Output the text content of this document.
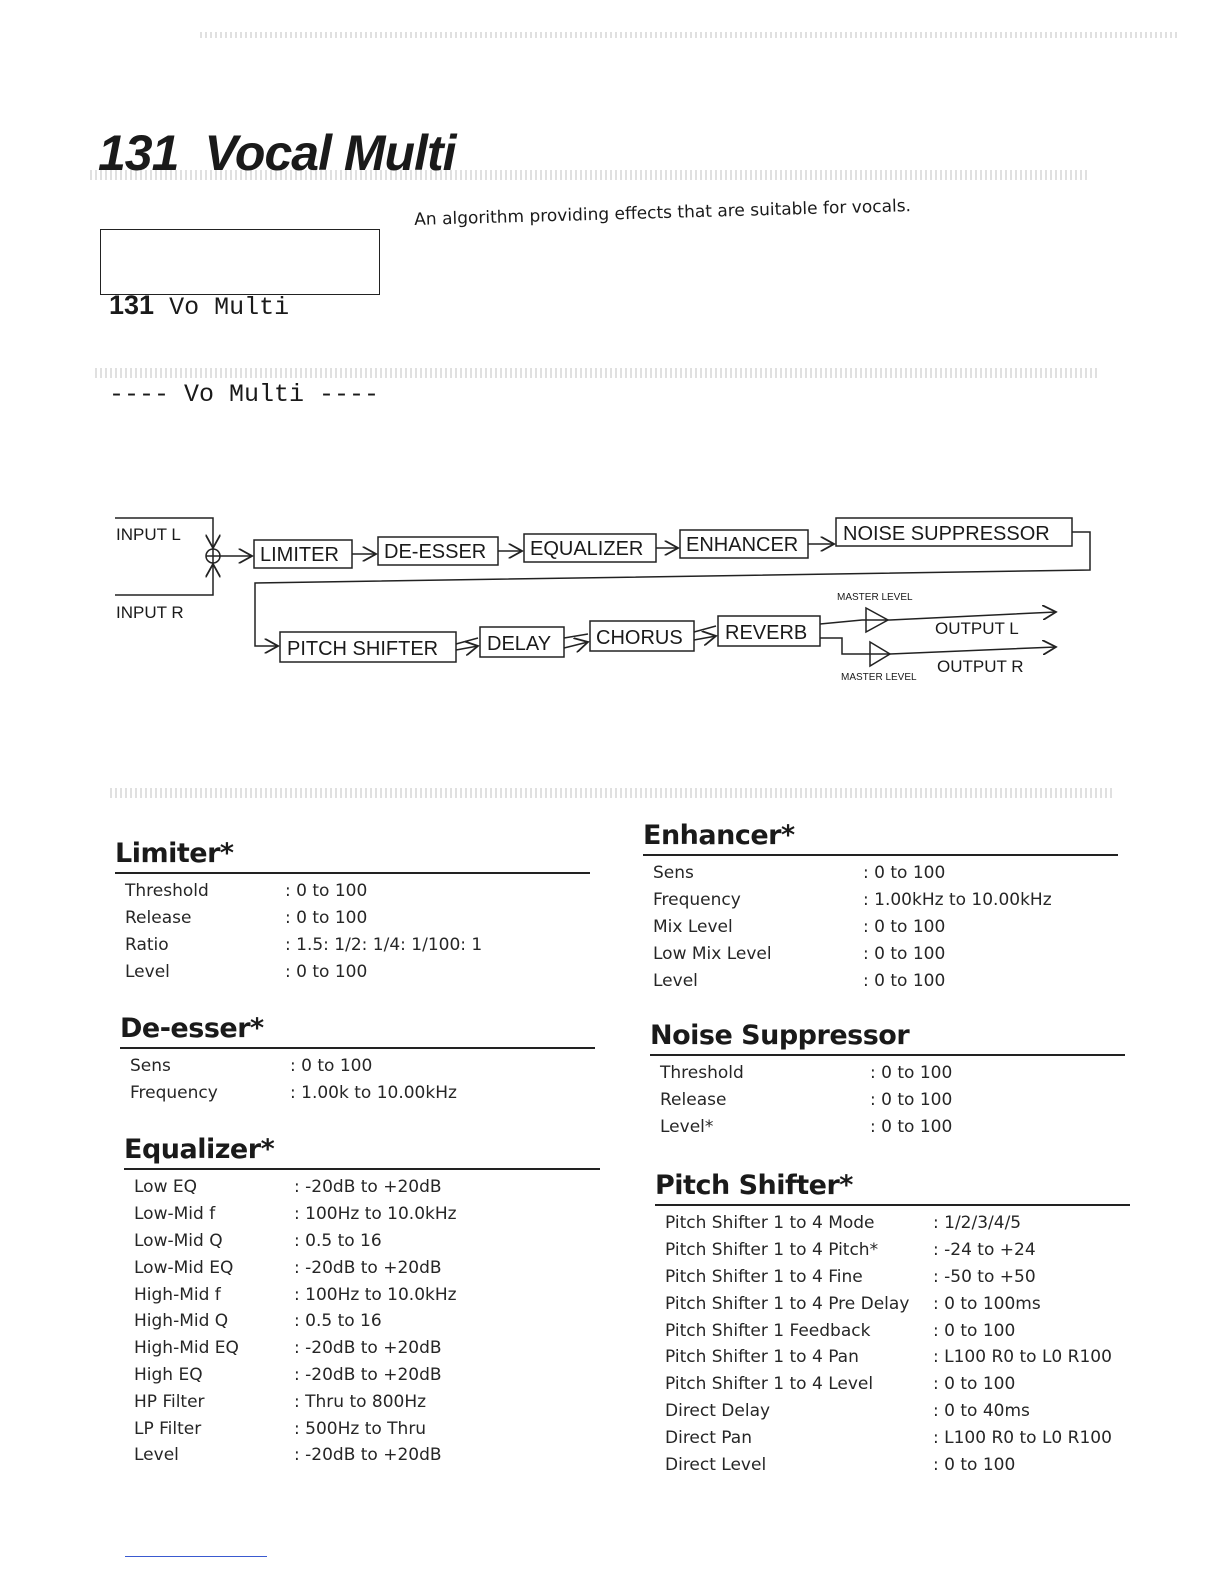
131 Vocal Multi

131 Vo Multi

---- Vo Multi ----

An algorithm providing effects that are suitable for vocals.
INPUT L
INPUT R
LIMITER DE-ESSER EQUALIZER ENHANCER NOISE SUPPRESSOR
PITCH SHIFTER DELAY CHORUS REVERB
MASTER LEVEL
MASTER LEVEL
OUTPUT L
OUTPUT R
Limiter*
Threshold	: 0 to 100
Release	: 0 to 100
Ratio	: 1.5: 1/2: 1/4: 1/100: 1
Level	: 0 to 100
De-esser*
Sens	: 0 to 100
Frequency	: 1.00k to 10.00kHz
Equalizer*
Low EQ	: -20dB to +20dB
Low-Mid f	: 100Hz to 10.0kHz
Low-Mid Q	: 0.5 to 16
Low-Mid EQ	: -20dB to +20dB
High-Mid f	: 100Hz to 10.0kHz
High-Mid Q	: 0.5 to 16
High-Mid EQ	: -20dB to +20dB
High EQ	: -20dB to +20dB
HP Filter	: Thru to 800Hz
LP Filter	: 500Hz to Thru
Level	: -20dB to +20dB
Enhancer*
Sens	: 0 to 100
Frequency	: 1.00kHz to 10.00kHz
Mix Level	: 0 to 100
Low Mix Level	: 0 to 100
Level	: 0 to 100
Noise Suppressor
Threshold	: 0 to 100
Release	: 0 to 100
Level*	: 0 to 100
Pitch Shifter*
Pitch Shifter 1 to 4 Mode	: 1/2/3/4/5
Pitch Shifter 1 to 4 Pitch*	: -24 to +24
Pitch Shifter 1 to 4 Fine	: -50 to +50
Pitch Shifter 1 to 4 Pre Delay	: 0 to 100ms
Pitch Shifter 1 Feedback	: 0 to 100
Pitch Shifter 1 to 4 Pan	: L100 R0 to L0 R100
Pitch Shifter 1 to 4 Level	: 0 to 100
Direct Delay	: 0 to 40ms
Direct Pan	: L100 R0 to L0 R100
Direct Level	: 0 to 100
